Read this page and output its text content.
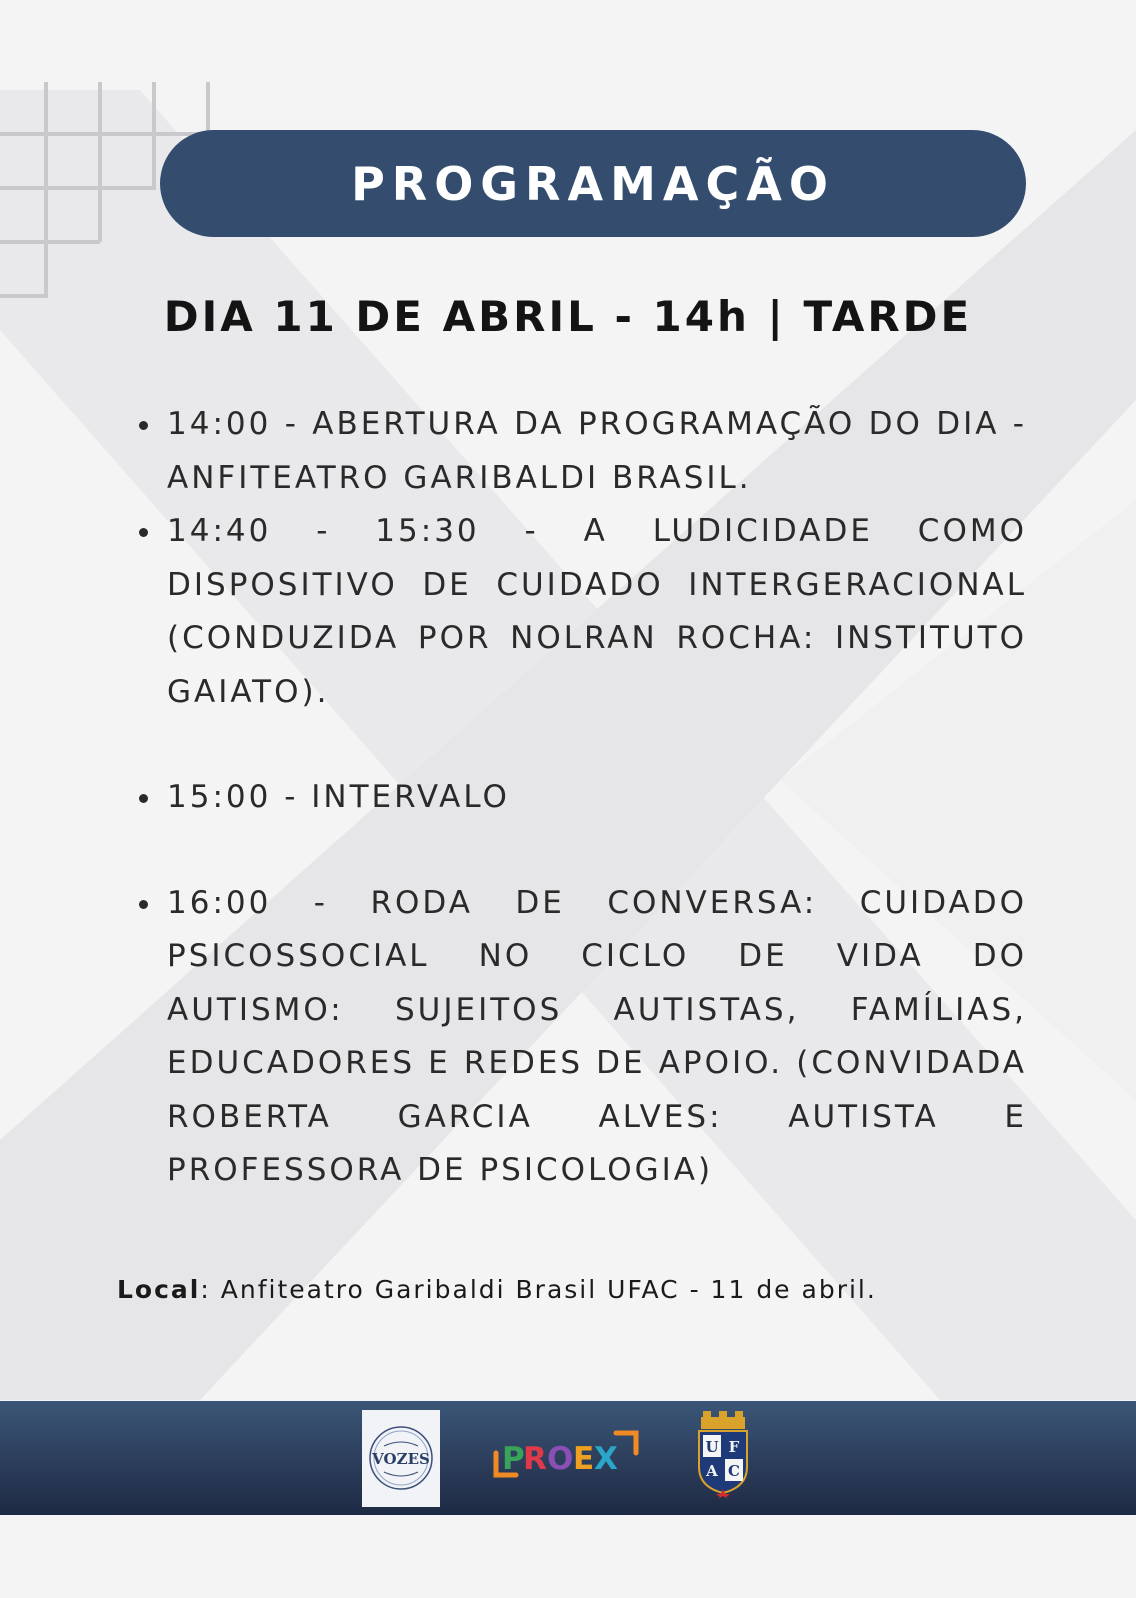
PROGRAMAÇÃO
DIA 11 DE ABRIL - 14h | TARDE
14:00 - ABERTURA DA PROGRAMAÇÃO DO DIA - ANFITEATRO GARIBALDI BRASIL.
14:40 - 15:30 - A LUDICIDADE COMO DISPOSITIVO DE CUIDADO INTERGERACIONAL (CONDUZIDA POR NOLRAN ROCHA: INSTITUTO GAIATO).
15:00 - INTERVALO
16:00 - RODA DE CONVERSA: CUIDADO PSICOSSOCIAL NO CICLO DE VIDA DO AUTISMO: SUJEITOS AUTISTAS, FAMÍLIAS, EDUCADORES E REDES DE APOIO. (CONVIDADA ROBERTA GARCIA ALVES: AUTISTA E PROFESSORA DE PSICOLOGIA)
Local: Anfiteatro Garibaldi Brasil UFAC - 11 de abril.
VOZES P
R O E X	U F
A C
